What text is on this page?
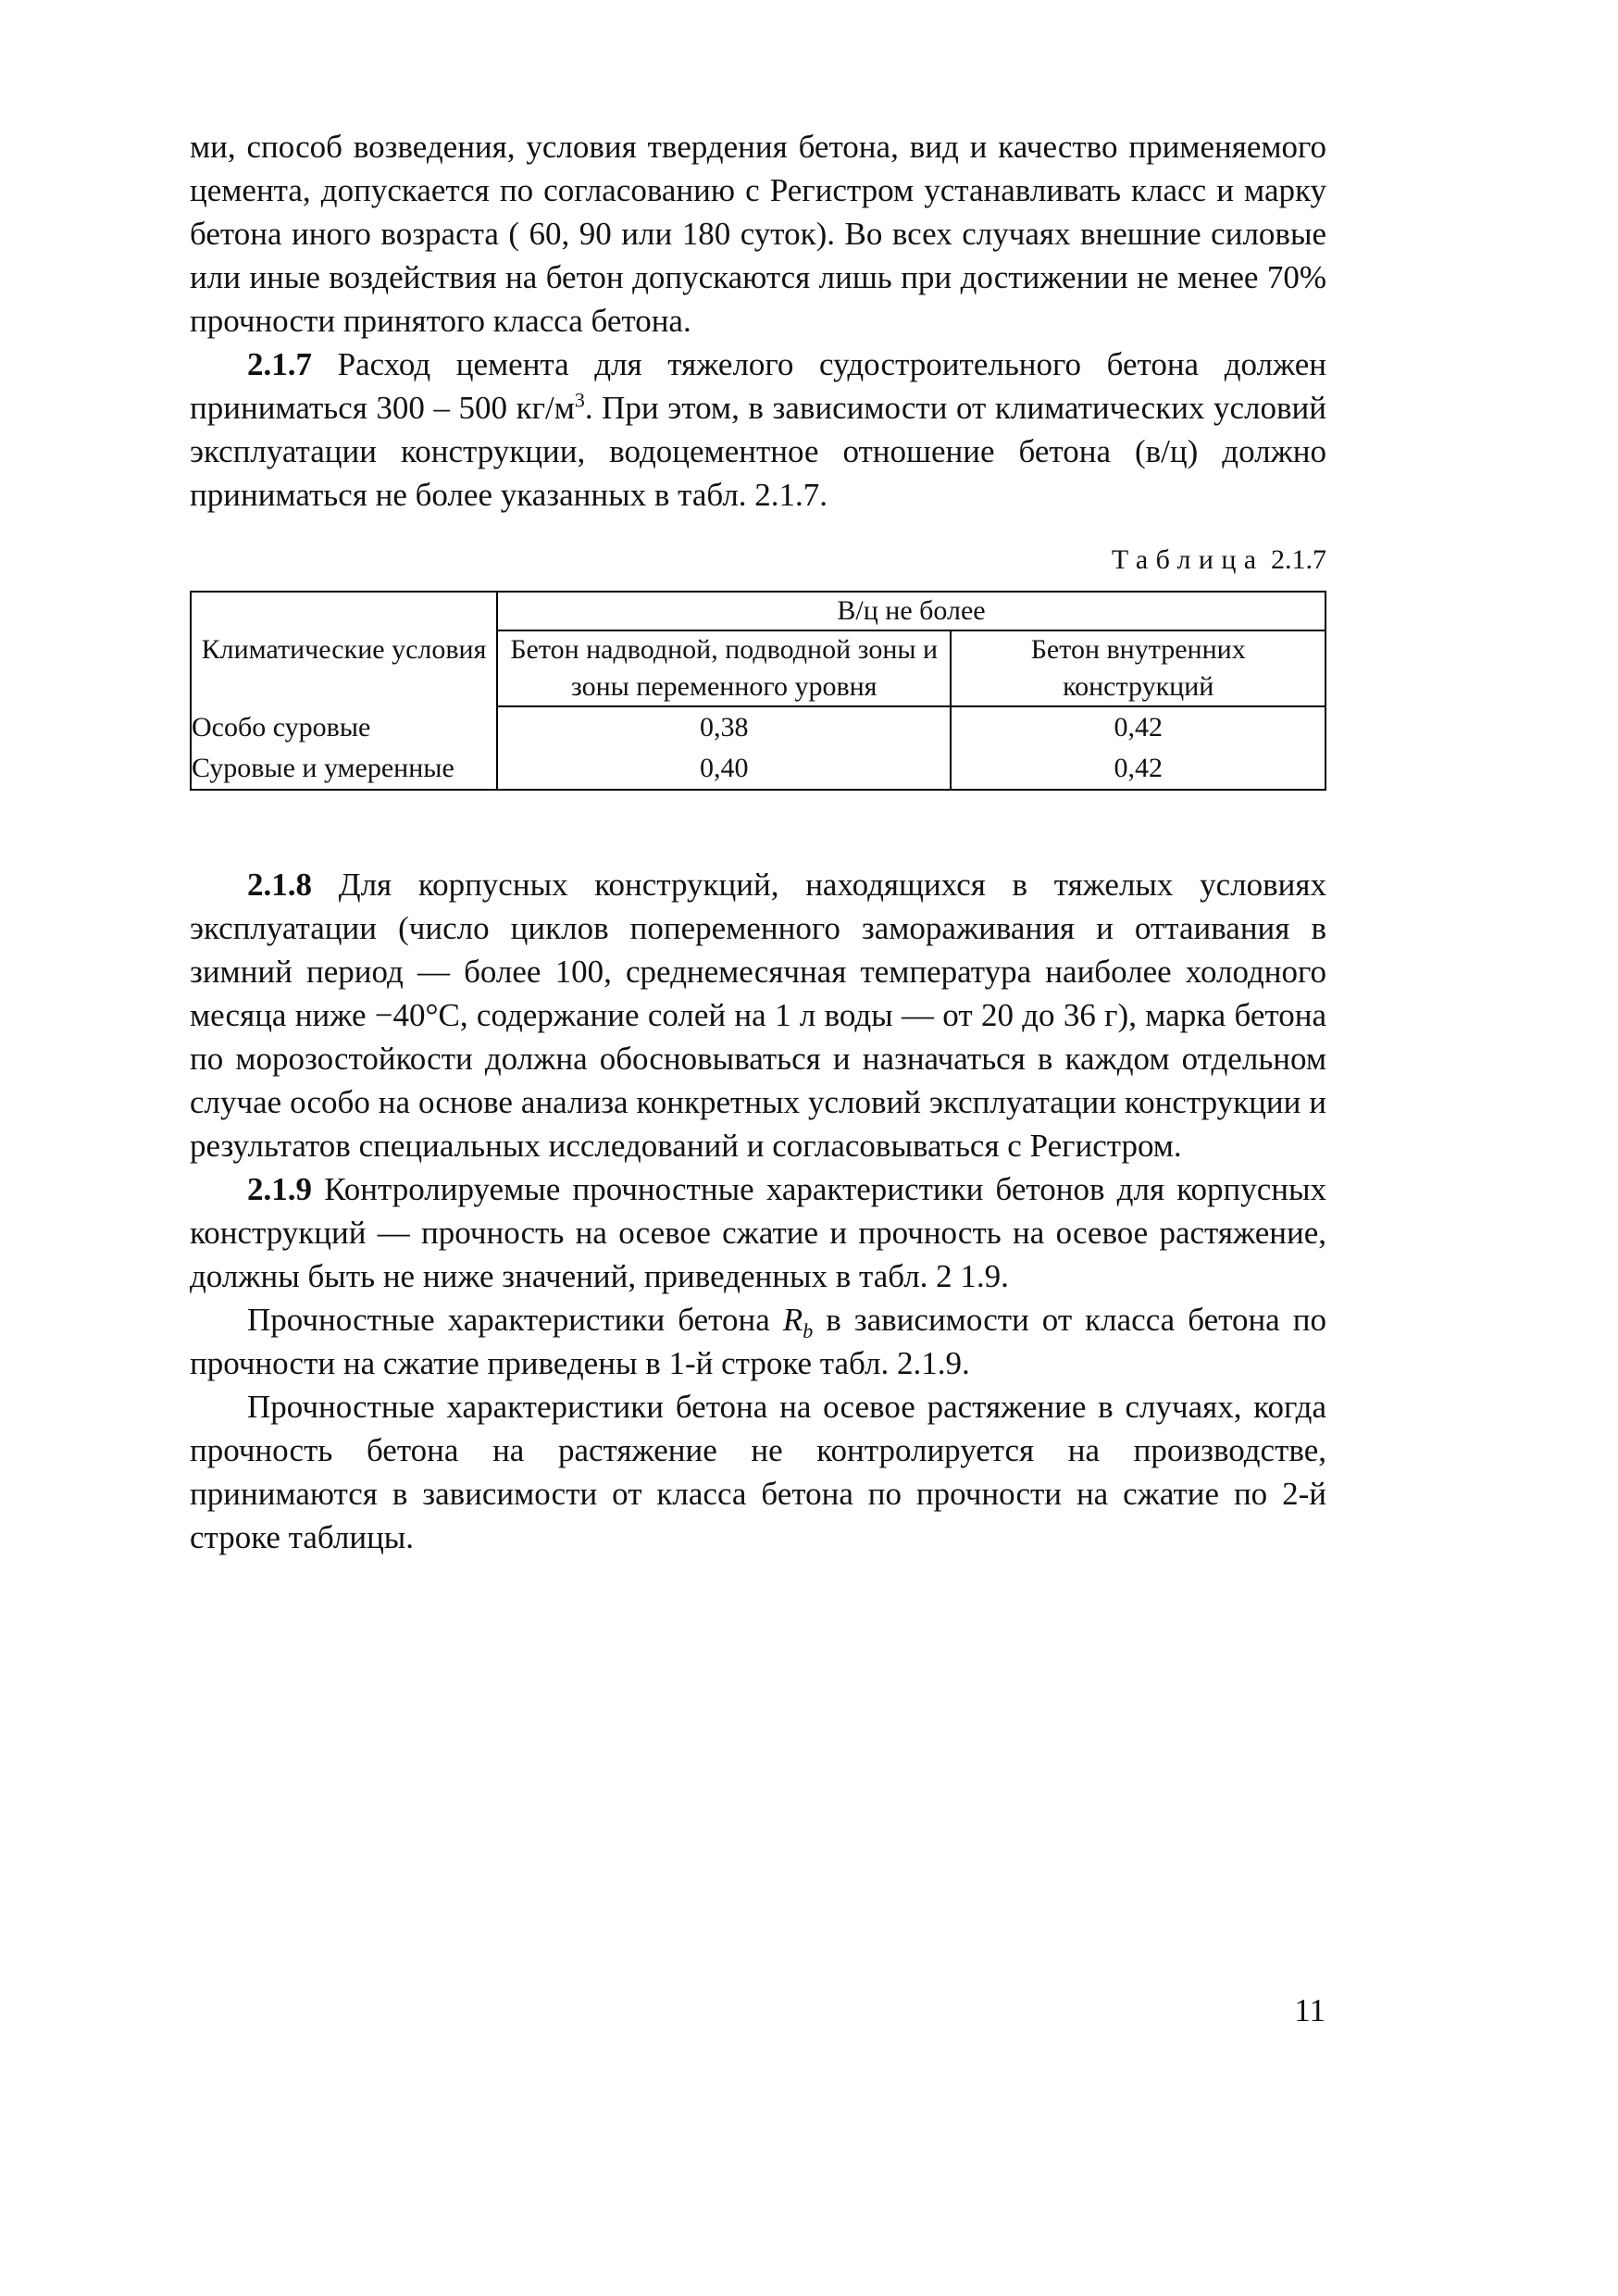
ми, способ возведения, условия твердения бетона, вид и качество применяемого цемента, допускается по согласованию с Регистром устанавливать класс и марку бетона иного возраста ( 60, 90 или 180 суток). Во всех случаях внешние силовые или иные воздействия на бетон допускаются лишь при достижении не менее 70% прочности принятого класса бетона.

2.1.7 Расход цемента для тяжелого судостроительного бетона должен приниматься 300 – 500 $кг/м^3$. При этом, в зависимости от климатических условий эксплуатации конструкции, водоцементное отношение бетона (в/ц) должно приниматься не более указанных в табл. 2.1.7.

Таблица 2.1.7
Климатические условия	В/ц не более	
	Бетон надводной, подводной зоны и зоны переменного уровня	Бетон внутренних конструкций
Особо суровые	0,38	0,42
Суровые и умеренные	0,40	0,42

2.1.8 Для корпусных конструкций, находящихся в тяжелых условиях эксплуатации (число циклов попеременного замораживания и оттаивания в зимний период — более 100, среднемесячная температура наиболее холодного месяца ниже −40°С, содержание солей на 1 л воды — от 20 до 36 г), марка бетона по морозостойкости должна обосновываться и назначаться в каждом отдельном случае особо на основе анализа конкретных условий эксплуатации конструкции и результатов специальных исследований и согласовываться с Регистром.

2.1.9 Контролируемые прочностные характеристики бетонов для корпусных конструкций — прочность на осевое сжатие и прочность на осевое растяжение, должны быть не ниже значений, приведенных в табл. 2 1.9.

Прочностные характеристики бетона $R_b$ в зависимости от класса бетона по прочности на сжатие приведены в 1-й строке табл. 2.1.9.

Прочностные характеристики бетона на осевое растяжение в случаях, когда прочность бетона на растяжение не контролируется на производстве, принимаются в зависимости от класса бетона по прочности на сжатие по 2-й строке таблицы.

11
